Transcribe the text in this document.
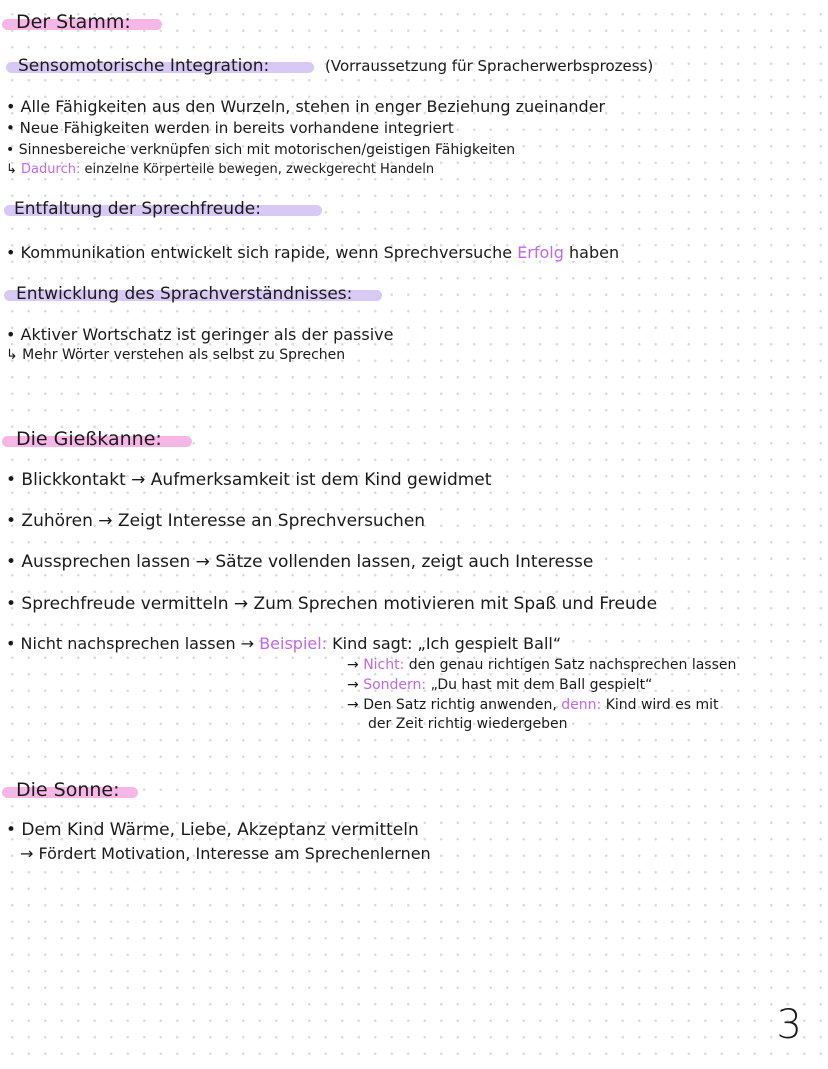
Der Stamm:
Sensomotorische Integration:	(Vorraussetzung für Spracherwerbsprozess)
• Alle Fähigkeiten aus den Wurzeln, stehen in enger Beziehung zueinander
• Neue Fähigkeiten werden in bereits vorhandene integriert
• Sinnesbereiche verknüpfen sich mit motorischen/geistigen Fähigkeiten
↳ Dadurch: einzelne Körperteile bewegen, zweckgerecht Handeln
Entfaltung der Sprechfreude:
• Kommunikation entwickelt sich rapide, wenn Sprechversuche Erfolg haben
Entwicklung des Sprachverständnisses:
• Aktiver Wortschatz ist geringer als der passive
↳ Mehr Wörter verstehen als selbst zu Sprechen
Die Gießkanne:
• Blickkontakt → Aufmerksamkeit ist dem Kind gewidmet
• Zuhören → Zeigt Interesse an Sprechversuchen
• Aussprechen lassen → Sätze vollenden lassen, zeigt auch Interesse
• Sprechfreude vermitteln → Zum Sprechen motivieren mit Spaß und Freude
• Nicht nachsprechen lassen → Beispiel: Kind sagt: „Ich gespielt Ball“
→ Nicht: den genau richtigen Satz nachsprechen lassen
→ Sondern: „Du hast mit dem Ball gespielt“
→ Den Satz richtig anwenden, denn: Kind wird es mit
der Zeit richtig wiedergeben
Die Sonne:
• Dem Kind Wärme, Liebe, Akzeptanz vermitteln
→ Fördert Motivation, Interesse am Sprechenlernen
3
